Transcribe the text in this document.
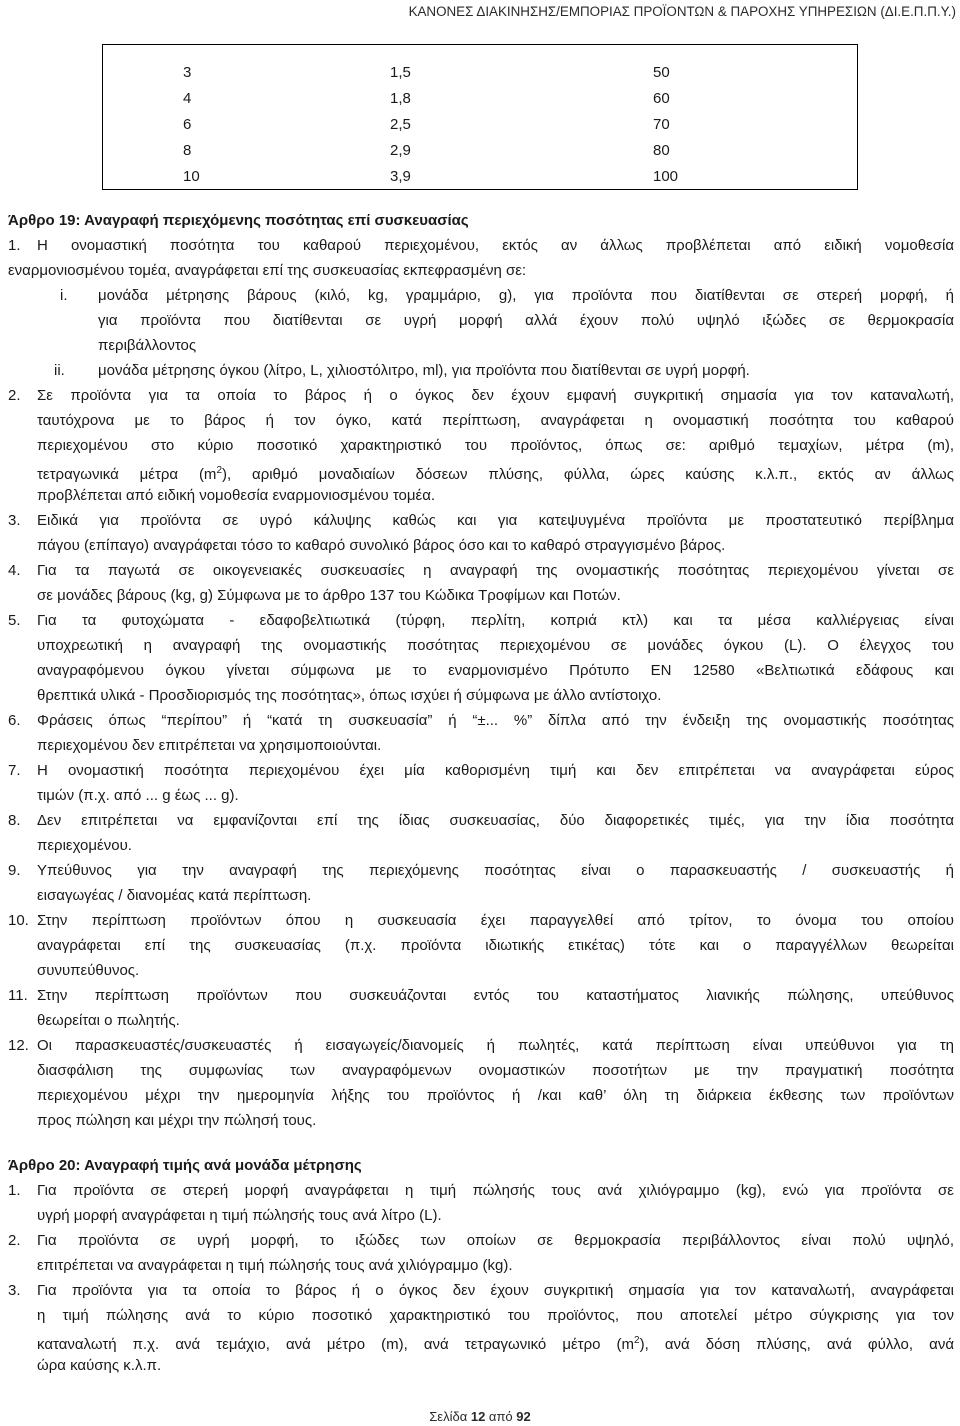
ΚΑΝΟΝΕΣ ΔΙΑΚΙΝΗΣΗΣ/ΕΜΠΟΡΙΑΣ ΠΡΟΪΟΝΤΩΝ & ΠΑΡΟΧΗΣ ΥΠΗΡΕΣΙΩΝ (ΔΙ.Ε.Π.Π.Υ.)
3	1,5	50
4	1,8	60
6	2,5	70
8	2,9	80
10	3,9	100
Άρθρο 19: Αναγραφή περιεχόμενης ποσότητας επί συσκευασίας
1. Η ονομαστική ποσότητα του καθαρού περιεχομένου, εκτός αν άλλως προβλέπεται από ειδική νομοθεσία
εναρμονιοσμένου τομέα, αναγράφεται επί της συσκευασίας εκπεφρασμένη σε:
i. μονάδα μέτρησης βάρους (κιλό, kg, γραμμάριο, g), για προϊόντα που διατίθενται σε στερεή μορφή, ή
για προϊόντα που διατίθενται σε υγρή μορφή αλλά έχουν πολύ υψηλό ιξώδες σε θερμοκρασία
περιβάλλοντος
ii. μονάδα μέτρησης όγκου (λίτρο, L, χιλιοστόλιτρο, ml), για προϊόντα που διατίθενται σε υγρή μορφή.
2. Σε προϊόντα για τα οποία το βάρος ή ο όγκος δεν έχουν εμφανή συγκριτική σημασία για τον καταναλωτή,
ταυτόχρονα με το βάρος ή τον όγκο, κατά περίπτωση, αναγράφεται η ονομαστική ποσότητα του καθαρού
περιεχομένου στο κύριο ποσοτικό χαρακτηριστικό του προϊόντος, όπως σε: αριθμό τεμαχίων, μέτρα (m),
τετραγωνικά μέτρα $(m^2)$, αριθμό μοναδιαίων δόσεων πλύσης, φύλλα, ώρες καύσης κ.λ.π., εκτός αν άλλως
προβλέπεται από ειδική νομοθεσία εναρμονιοσμένου τομέα.
3. Ειδικά για προϊόντα σε υγρό κάλυψης καθώς και για κατεψυγμένα προϊόντα με προστατευτικό περίβλημα
πάγου (επίπαγο) αναγράφεται τόσο το καθαρό συνολικό βάρος όσο και το καθαρό στραγγισμένο βάρος.
4. Για τα παγωτά σε οικογενειακές συσκευασίες η αναγραφή της ονομαστικής ποσότητας περιεχομένου γίνεται σε
σε μονάδες βάρους (kg, g) Σύμφωνα με το άρθρο 137 του Κώδικα Τροφίμων και Ποτών.
5. Για τα φυτοχώματα - εδαφοβελτιωτικά (τύρφη, περλίτη, κοπριά κτλ) και τα μέσα καλλιέργειας είναι
υποχρεωτική η αναγραφή της ονομαστικής ποσότητας περιεχομένου σε μονάδες όγκου (L). Ο έλεγχος του
αναγραφόμενου όγκου γίνεται σύμφωνα με το εναρμονισμένο Πρότυπο ΕΝ 12580 «Βελτιωτικά εδάφους και
θρεπτικά υλικά - Προσδιορισμός της ποσότητας», όπως ισχύει ή σύμφωνα με άλλο αντίστοιχο.
6. Φράσεις όπως “περίπου” ή “κατά τη συσκευασία” ή “±... %” δίπλα από την ένδειξη της ονομαστικής ποσότητας
περιεχομένου δεν επιτρέπεται να χρησιμοποιούνται.
7. Η ονομαστική ποσότητα περιεχομένου έχει μία καθορισμένη τιμή και δεν επιτρέπεται να αναγράφεται εύρος
τιμών (π.χ. από ... g έως ... g).
8. Δεν επιτρέπεται να εμφανίζονται επί της ίδιας συσκευασίας, δύο διαφορετικές τιμές, για την ίδια ποσότητα
περιεχομένου.
9. Υπεύθυνος για την αναγραφή της περιεχόμενης ποσότητας είναι ο παρασκευαστής / συσκευαστής ή
εισαγωγέας / διανομέας κατά περίπτωση.
10. Στην περίπτωση προϊόντων όπου η συσκευασία έχει παραγγελθεί από τρίτον, το όνομα του οποίου
αναγράφεται επί της συσκευασίας (π.χ. προϊόντα ιδιωτικής ετικέτας) τότε και ο παραγγέλλων θεωρείται
συνυπεύθυνος.
11. Στην περίπτωση προϊόντων που συσκευάζονται εντός του καταστήματος λιανικής πώλησης, υπεύθυνος
θεωρείται ο πωλητής.
12. Οι παρασκευαστές/συσκευαστές ή εισαγωγείς/διανομείς ή πωλητές, κατά περίπτωση είναι υπεύθυνοι για τη
διασφάλιση της συμφωνίας των αναγραφόμενων ονομαστικών ποσοτήτων με την πραγματική ποσότητα
περιεχομένου μέχρι την ημερομηνία λήξης του προϊόντος ή /και καθ’ όλη τη διάρκεια έκθεσης των προϊόντων
προς πώληση και μέχρι την πώλησή τους.
Άρθρο 20: Αναγραφή τιμής ανά μονάδα μέτρησης
1. Για προϊόντα σε στερεή μορφή αναγράφεται η τιμή πώλησής τους ανά χιλιόγραμμο (kg), ενώ για προϊόντα σε
υγρή μορφή αναγράφεται η τιμή πώλησής τους ανά λίτρο (L).
2. Για προϊόντα σε υγρή μορφή, το ιξώδες των οποίων σε θερμοκρασία περιβάλλοντος είναι πολύ υψηλό,
επιτρέπεται να αναγράφεται η τιμή πώλησής τους ανά χιλιόγραμμο (kg).
3. Για προϊόντα για τα οποία το βάρος ή ο όγκος δεν έχουν συγκριτική σημασία για τον καταναλωτή, αναγράφεται
η τιμή πώλησης ανά το κύριο ποσοτικό χαρακτηριστικό του προϊόντος, που αποτελεί μέτρο σύγκρισης για τον
καταναλωτή π.χ. ανά τεμάχιο, ανά μέτρο (m), ανά τετραγωνικό μέτρο $(m^2)$, ανά δόση πλύσης, ανά φύλλο, ανά
ώρα καύσης κ.λ.π.
Σελίδα 12 από 92
